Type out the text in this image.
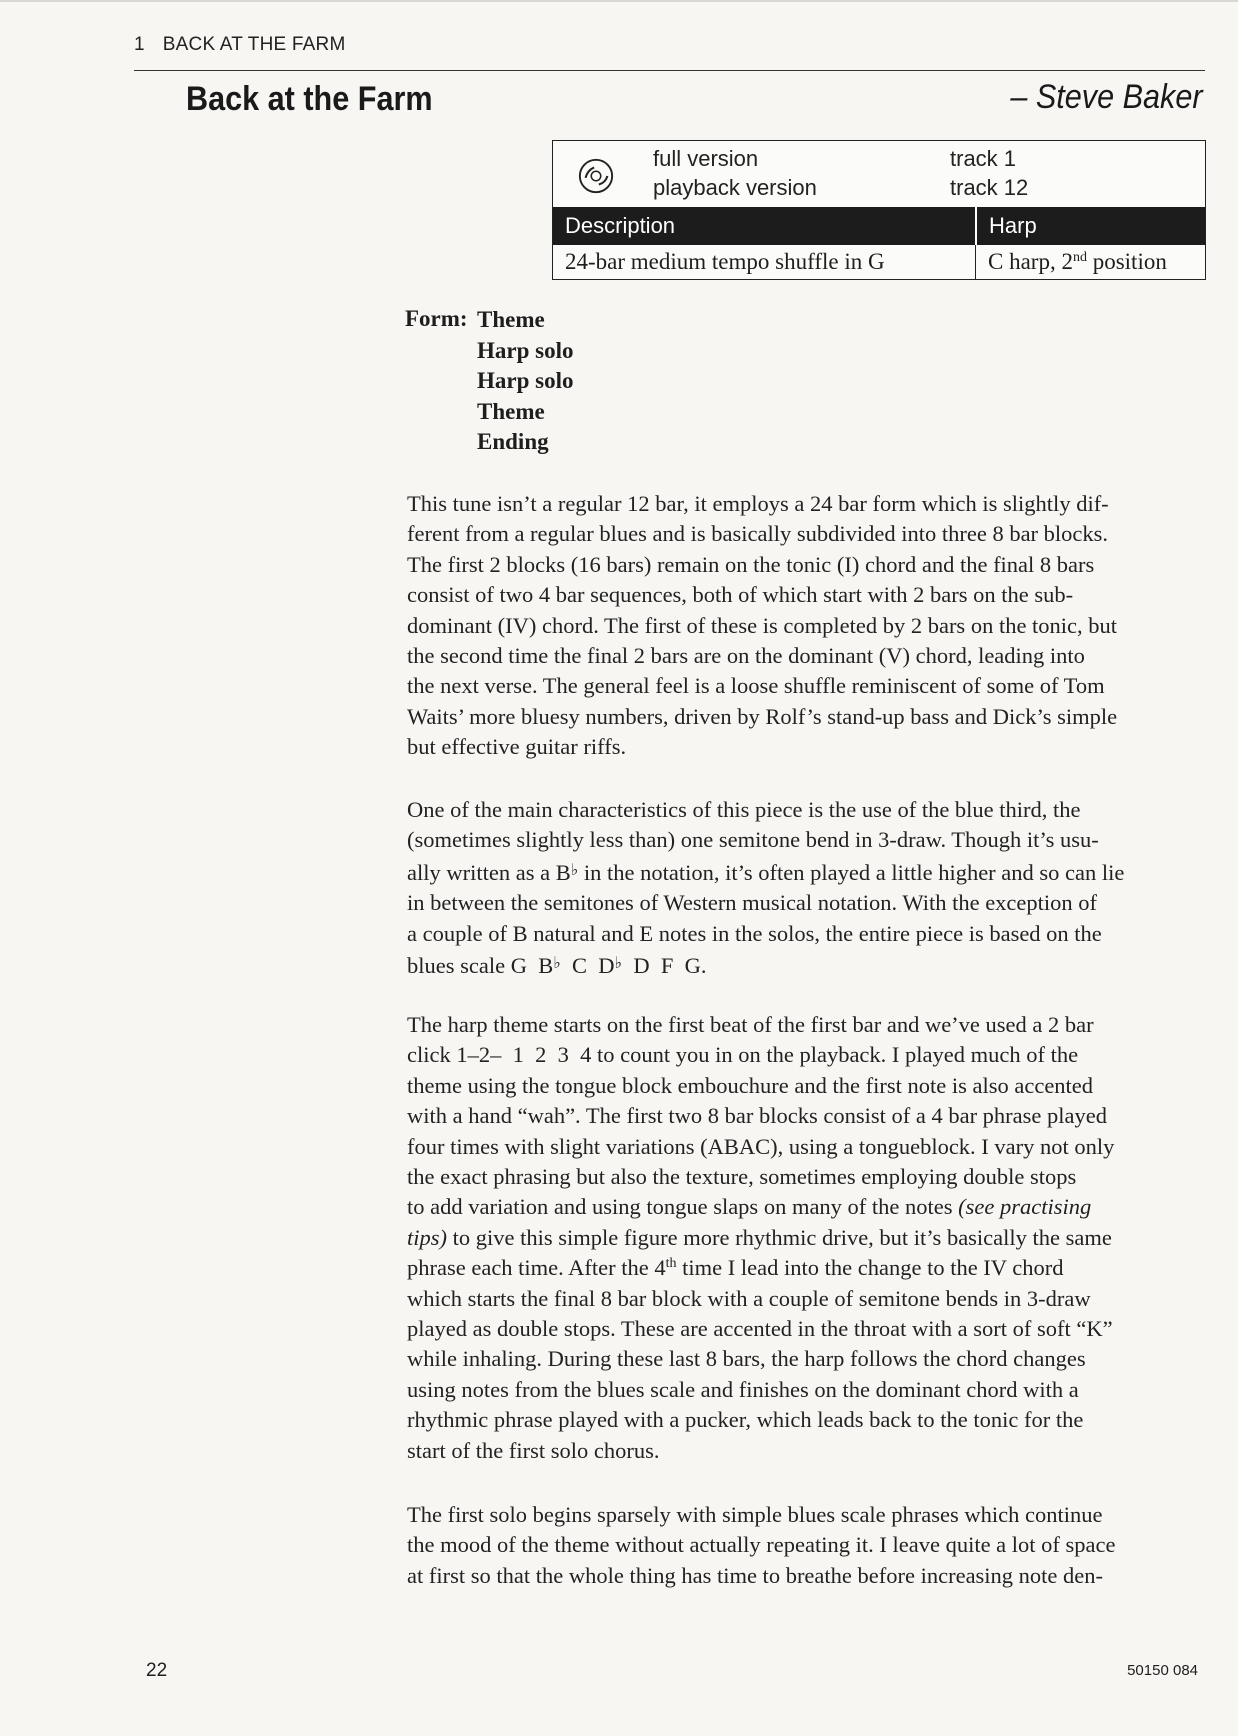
1 BACK AT THE FARM
Back at the Farm	– Steve Baker
full version	track 1
playback version	track 12
Description	Harp
24-bar medium tempo shuffle in G	C harp, 2nd position
Form: Theme
Harp solo
Harp solo
Theme
Ending
This tune isn’t a regular 12 bar, it employs a 24 bar form which is slightly dif-
ferent from a regular blues and is basically subdivided into three 8 bar blocks.
The first 2 blocks (16 bars) remain on the tonic (I) chord and the final 8 bars
consist of two 4 bar sequences, both of which start with 2 bars on the sub-
dominant (IV) chord. The first of these is completed by 2 bars on the tonic, but
the second time the final 2 bars are on the dominant (V) chord, leading into
the next verse. The general feel is a loose shuffle reminiscent of some of Tom
Waits’ more bluesy numbers, driven by Rolf’s stand-up bass and Dick’s simple
but effective guitar riffs.
One of the main characteristics of this piece is the use of the blue third, the
(sometimes slightly less than) one semitone bend in 3-draw. Though it’s usu-
ally written as a B♭ in the notation, it’s often played a little higher and so can lie
in between the semitones of Western musical notation. With the exception of
a couple of B natural and E notes in the solos, the entire piece is based on the
blues scale G  B♭  C  D♭  D  F  G.
The harp theme starts on the first beat of the first bar and we’ve used a 2 bar
click 1–2–  1  2  3  4 to count you in on the playback. I played much of the
theme using the tongue block embouchure and the first note is also accented
with a hand “wah”. The first two 8 bar blocks consist of a 4 bar phrase played
four times with slight variations (ABAC), using a tongueblock. I vary not only
the exact phrasing but also the texture, sometimes employing double stops
to add variation and using tongue slaps on many of the notes (see practising
tips) to give this simple figure more rhythmic drive, but it’s basically the same
phrase each time. After the 4th time I lead into the change to the IV chord
which starts the final 8 bar block with a couple of semitone bends in 3-draw
played as double stops. These are accented in the throat with a sort of soft “K”
while inhaling. During these last 8 bars, the harp follows the chord changes
using notes from the blues scale and finishes on the dominant chord with a
rhythmic phrase played with a pucker, which leads back to the tonic for the
start of the first solo chorus.
The first solo begins sparsely with simple blues scale phrases which continue
the mood of the theme without actually repeating it. I leave quite a lot of space
at first so that the whole thing has time to breathe before increasing note den-
22	50150 084
